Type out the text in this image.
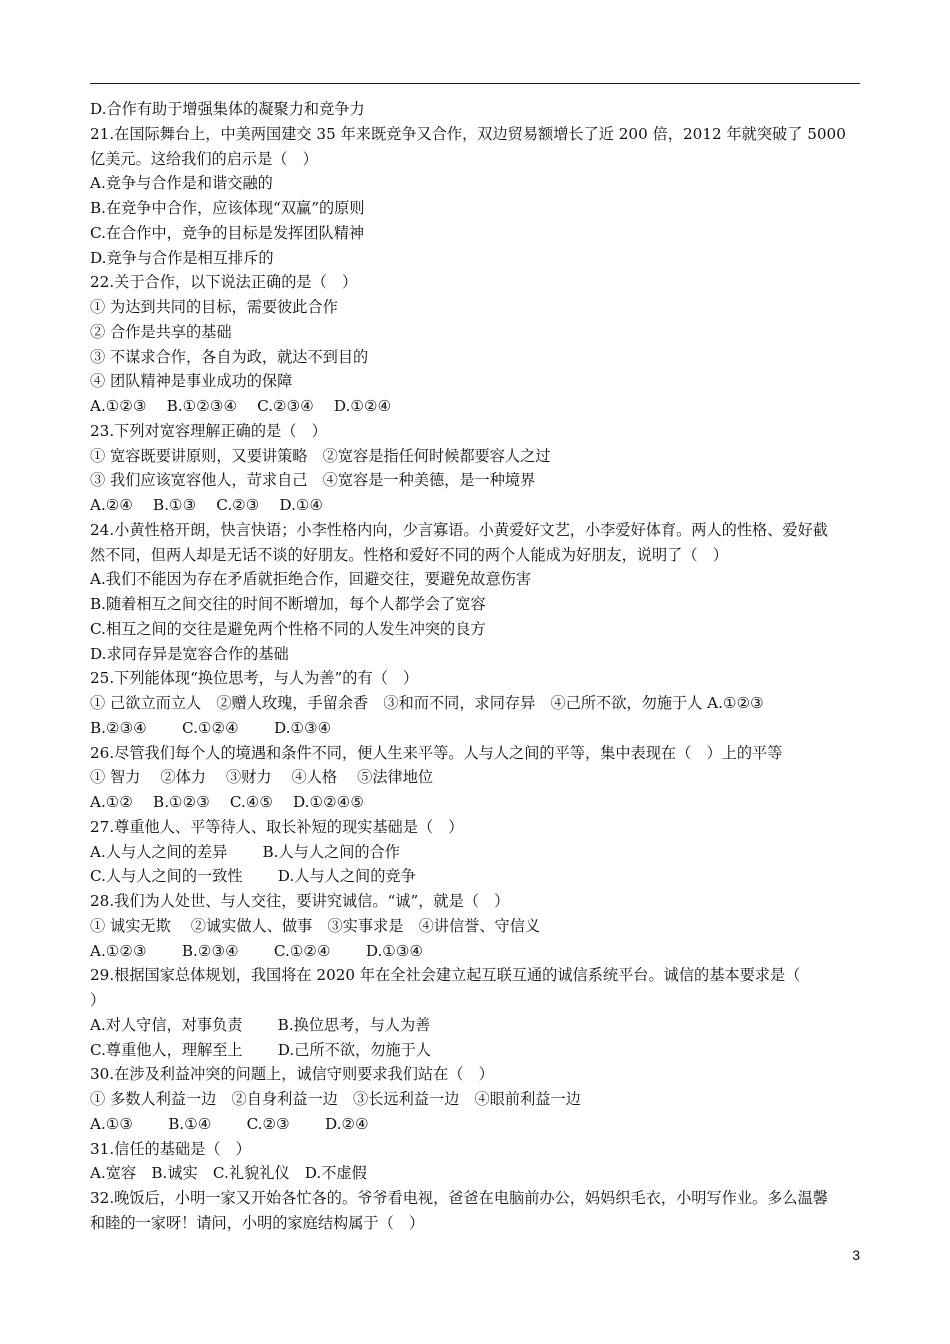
D.合作有助于增强集体的凝聚力和竞争力
21.在国际舞台上，中美两国建交 35 年来既竞争又合作，双边贸易额增长了近 200 倍，2012 年就突破了 5000
亿美元。这给我们的启示是（　）
A.竞争与合作是和谐交融的
B.在竞争中合作，应该体现“双赢”的原则
C.在合作中，竞争的目标是发挥团队精神
D.竞争与合作是相互排斥的
22.关于合作，以下说法正确的是（　）
① 为达到共同的目标，需要彼此合作
② 合作是共享的基础
③ 不谋求合作，各自为政，就达不到目的
④ 团队精神是事业成功的保障
A.①②③　 B.①②③④　 C.②③④　 D.①②④
23.下列对宽容理解正确的是（　）
① 宽容既要讲原则，又要讲策略　②宽容是指任何时候都要容人之过
③ 我们应该宽容他人，苛求自己　④宽容是一种美德，是一种境界
A.②④　 B.①③　 C.②③　 D.①④
24.小黄性格开朗，快言快语；小李性格内向，少言寡语。小黄爱好文艺，小李爱好体育。两人的性格、爱好截
然不同，但两人却是无话不谈的好朋友。性格和爱好不同的两个人能成为好朋友，说明了（　）
A.我们不能因为存在矛盾就拒绝合作，回避交往，要避免故意伤害
B.随着相互之间交往的时间不断增加，每个人都学会了宽容
C.相互之间的交往是避免两个性格不同的人发生冲突的良方
D.求同存异是宽容合作的基础
25.下列能体现“换位思考，与人为善”的有（　）
① 己欲立而立人　②赠人玫瑰，手留余香　③和而不同，求同存异　④己所不欲，勿施于人 A.①②③
B.②③④　　 C.①②④　　 D.①③④
26.尽管我们每个人的境遇和条件不同，便人生来平等。人与人之间的平等，集中表现在（　）上的平等
① 智力　 ②体力　 ③财力　 ④人格　 ⑤法律地位
A.①②　 B.①②③　 C.④⑤　 D.①②④⑤
27.尊重他人、平等待人、取长补短的现实基础是（　）
A.人与人之间的差异　　 B.人与人之间的合作
C.人与人之间的一致性　　 D.人与人之间的竞争
28.我们为人处世、与人交往，要讲究诚信。“诚”，就是（　）
① 诚实无欺　 ②诚实做人、做事　③实事求是　④讲信誉、守信义
A.①②③　　 B.②③④　　 C.①②④　　 D.①③④
29.根据国家总体规划，我国将在 2020 年在全社会建立起互联互通的诚信系统平台。诚信的基本要求是（
）
A.对人守信，对事负责　　 B.换位思考，与人为善
C.尊重他人，理解至上　　 D.己所不欲，勿施于人
30.在涉及利益冲突的问题上，诚信守则要求我们站在（　）
① 多数人利益一边　②自身利益一边　③长远利益一边　④眼前利益一边
A.①③　　 B.①④　　 C.②③　　 D.②④
31.信任的基础是（　）
A.宽容　B.诚实　C.礼貌礼仪　D.不虚假
32.晚饭后，小明一家又开始各忙各的。爷爷看电视，爸爸在电脑前办公，妈妈织毛衣，小明写作业。多么温馨
和睦的一家呀！请问，小明的家庭结构属于（　）
3
